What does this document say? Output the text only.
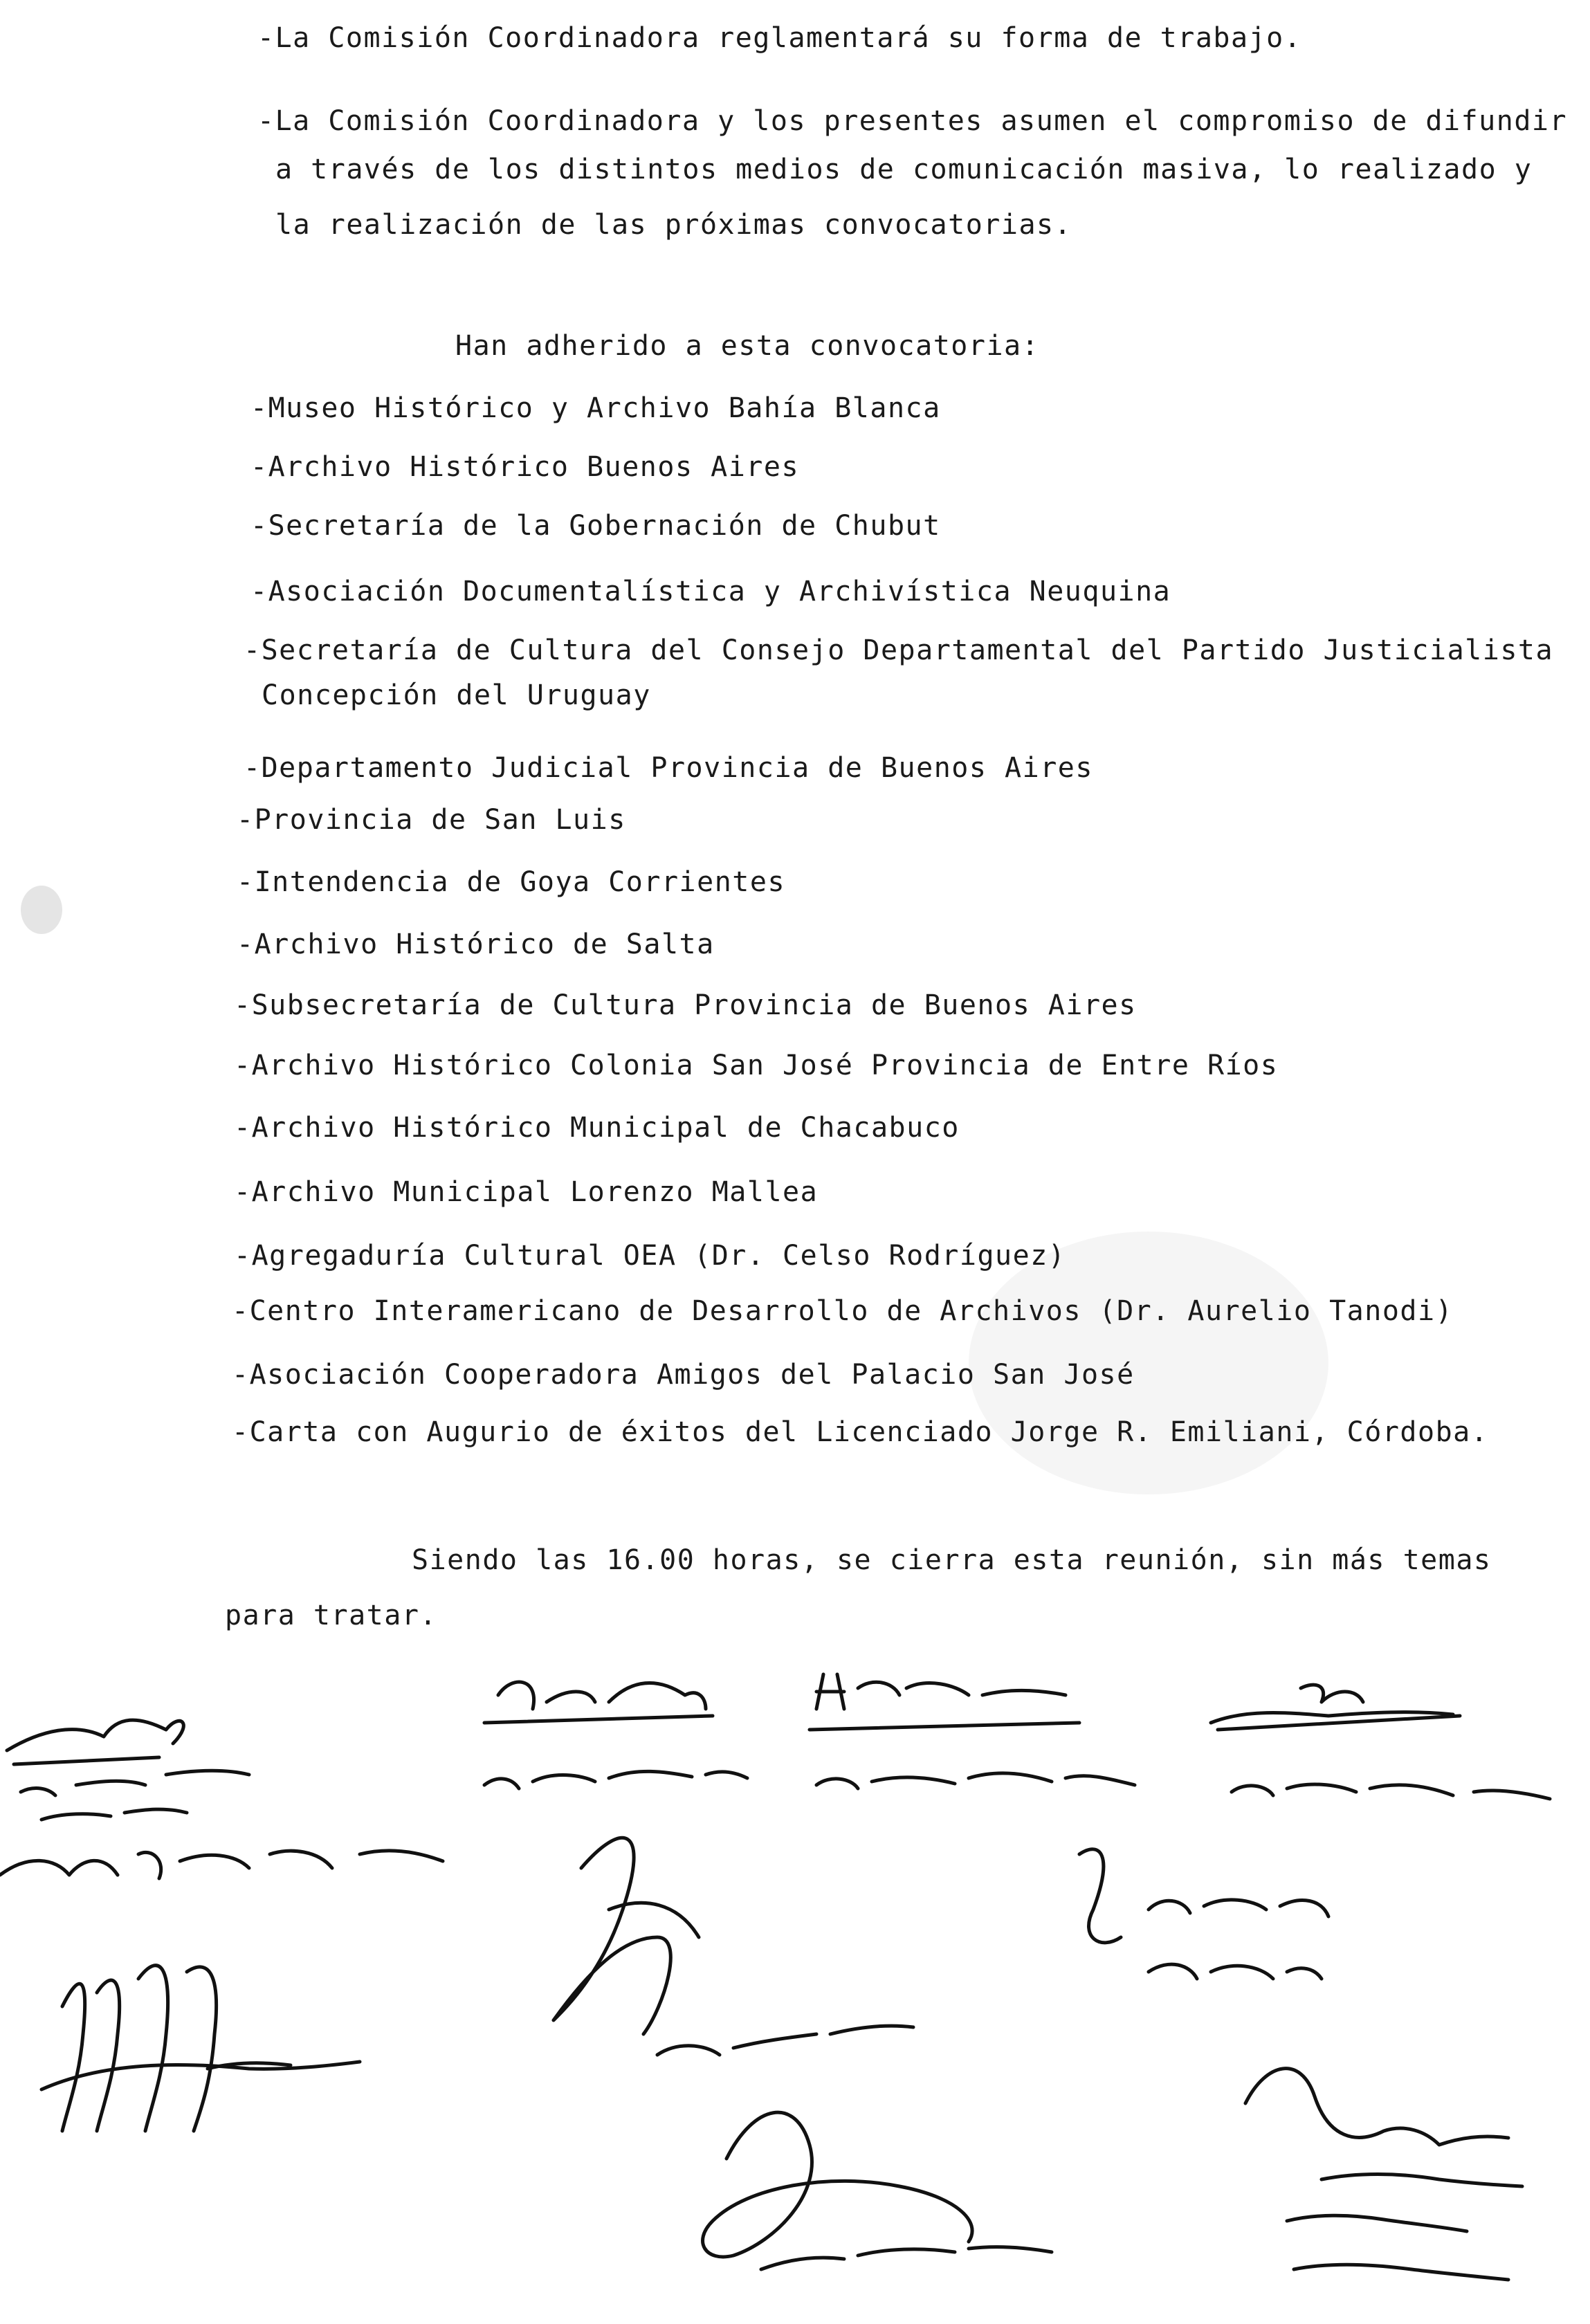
-La Comisión Coordinadora reglamentará su forma de trabajo.
-La Comisión Coordinadora y los presentes asumen el compromiso de difundir
a través de los distintos medios de comunicación masiva, lo realizado y
la realización de las próximas convocatorias.
Han adherido a esta convocatoria:
-Museo Histórico y Archivo Bahía Blanca
-Archivo Histórico Buenos Aires
-Secretaría de la Gobernación de Chubut
-Asociación Documentalística y Archivística Neuquina
-Secretaría de Cultura del Consejo Departamental del Partido Justicialista
Concepción del Uruguay
-Departamento Judicial Provincia de Buenos Aires
-Provincia de San Luis
-Intendencia de Goya Corrientes
-Archivo Histórico de Salta
-Subsecretaría de Cultura Provincia de Buenos Aires
-Archivo Histórico Colonia San José Provincia de Entre Ríos
-Archivo Histórico Municipal de Chacabuco
-Archivo Municipal Lorenzo Mallea
-Agregaduría Cultural OEA (Dr. Celso Rodríguez)
-Centro Interamericano de Desarrollo de Archivos (Dr. Aurelio Tanodi)
-Asociación Cooperadora Amigos del Palacio San José
-Carta con Augurio de éxitos del Licenciado Jorge R. Emiliani, Córdoba.
Siendo las 16.00 horas, se cierra esta reunión, sin más temas
para tratar.
